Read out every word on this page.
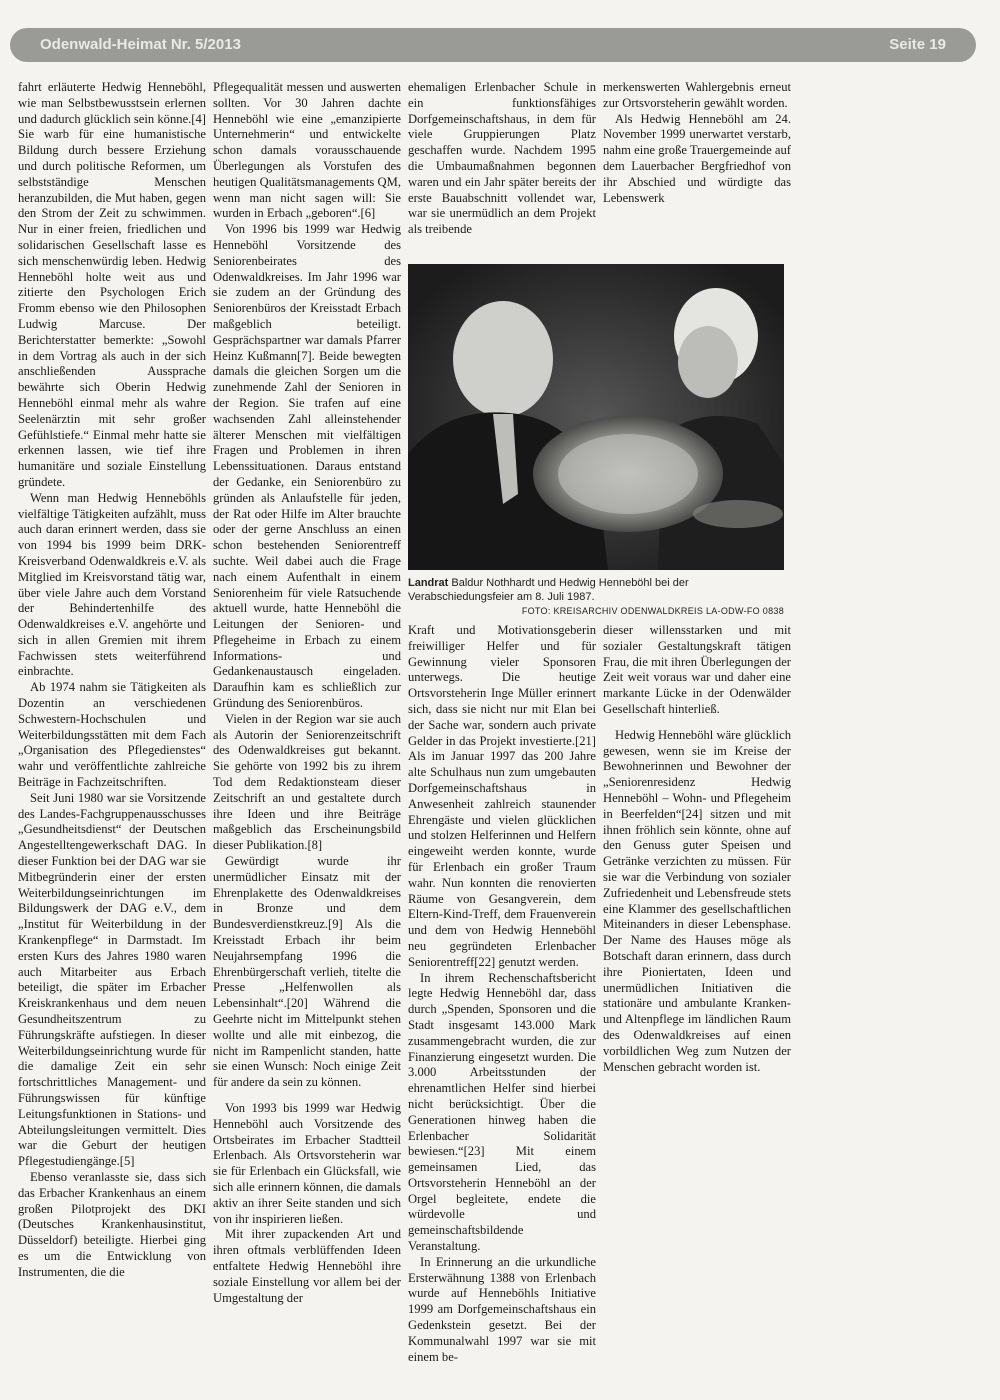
Odenwald-Heimat Nr. 5/2013	Seite 19

fahrt erläuterte Hedwig Henneböhl, wie man Selbstbewusstsein erlernen und dadurch glücklich sein könne.[4] Sie warb für eine humanistische Bildung durch bessere Erziehung und durch politische Reformen, um selbstständige Menschen heranzubilden, die Mut haben, gegen den Strom der Zeit zu schwimmen. Nur in einer freien, friedlichen und solidarischen Gesellschaft lasse es sich menschenwürdig leben. Hedwig Henneböhl holte weit aus und zitierte den Psychologen Erich Fromm ebenso wie den Philosophen Ludwig Marcuse. Der Berichterstatter bemerkte: „Sowohl in dem Vortrag als auch in der sich anschließenden Aussprache bewährte sich Oberin Hedwig Henneböhl einmal mehr als wahre Seelenärztin mit sehr großer Gefühlstiefe.“ Einmal mehr hatte sie erkennen lassen, wie tief ihre humanitäre und soziale Einstellung gründete.

Wenn man Hedwig Henneböhls vielfältige Tätigkeiten aufzählt, muss auch daran erinnert werden, dass sie von 1994 bis 1999 beim DRK-Kreisverband Odenwaldkreis e.V. als Mitglied im Kreisvorstand tätig war, über viele Jahre auch dem Vorstand der Behindertenhilfe des Odenwaldkreises e.V. angehörte und sich in allen Gremien mit ihrem Fachwissen stets weiterführend einbrachte.

Ab 1974 nahm sie Tätigkeiten als Dozentin an verschiedenen Schwestern-Hochschulen und Weiterbildungsstätten mit dem Fach „Organisation des Pflegedienstes“ wahr und veröffentlichte zahlreiche Beiträge in Fachzeitschriften.

Seit Juni 1980 war sie Vorsitzende des Landes-Fachgruppenausschusses „Gesundheitsdienst“ der Deutschen Angestelltengewerkschaft DAG. In dieser Funktion bei der DAG war sie Mitbegründerin einer der ersten Weiterbildungseinrichtungen im Bildungswerk der DAG e.V., dem „Institut für Weiterbildung in der Krankenpflege“ in Darmstadt. Im ersten Kurs des Jahres 1980 waren auch Mitarbeiter aus Erbach beteiligt, die später im Erbacher Kreiskrankenhaus und dem neuen Gesundheitszentrum zu Führungskräfte aufstiegen. In dieser Weiterbildungseinrichtung wurde für die damalige Zeit ein sehr fortschrittliches Management- und Führungswissen für künftige Leitungsfunktionen in Stations- und Abteilungsleitungen vermittelt. Dies war die Geburt der heutigen Pflegestudiengänge.[5]

Ebenso veranlasste sie, dass sich das Erbacher Krankenhaus an einem großen Pilotprojekt des DKI (Deutsches Krankenhausinstitut, Düsseldorf) beteiligte. Hierbei ging es um die Entwicklung von Instrumenten, die die

Pflegequalität messen und auswerten sollten. Vor 30 Jahren dachte Henneböhl wie eine „emanzipierte Unternehmerin“ und entwickelte schon damals vorausschauende Überlegungen als Vorstufen des heutigen Qualitätsmanagements QM, wenn man nicht sagen will: Sie wurden in Erbach „geboren“.[6]

Von 1996 bis 1999 war Hedwig Henneböhl Vorsitzende des Seniorenbeirates des Odenwaldkreises. Im Jahr 1996 war sie zudem an der Gründung des Seniorenbüros der Kreisstadt Erbach maßgeblich beteiligt. Gesprächspartner war damals Pfarrer Heinz Kußmann[7]. Beide bewegten damals die gleichen Sorgen um die zunehmende Zahl der Senioren in der Region. Sie trafen auf eine wachsenden Zahl alleinstehender älterer Menschen mit vielfältigen Fragen und Problemen in ihren Lebenssituationen. Daraus entstand der Gedanke, ein Seniorenbüro zu gründen als Anlaufstelle für jeden, der Rat oder Hilfe im Alter brauchte oder der gerne Anschluss an einen schon bestehenden Seniorentreff suchte. Weil dabei auch die Frage nach einem Aufenthalt in einem Seniorenheim für viele Ratsuchende aktuell wurde, hatte Henneböhl die Leitungen der Senioren- und Pflegeheime in Erbach zu einem Informations- und Gedankenaustausch eingeladen. Daraufhin kam es schließlich zur Gründung des Seniorenbüros.

Vielen in der Region war sie auch als Autorin der Seniorenzeitschrift des Odenwaldkreises gut bekannt. Sie gehörte von 1992 bis zu ihrem Tod dem Redaktionsteam dieser Zeitschrift an und gestaltete durch ihre Ideen und ihre Beiträge maßgeblich das Erscheinungsbild dieser Publikation.[8]

Gewürdigt wurde ihr unermüdlicher Einsatz mit der Ehrenplakette des Odenwaldkreises in Bronze und dem Bundesverdienstkreuz.[9] Als die Kreisstadt Erbach ihr beim Neujahrsempfang 1996 die Ehrenbürgerschaft verlieh, titelte die Presse „Helfenwollen als Lebensinhalt“.[20] Während die Geehrte nicht im Mittelpunkt stehen wollte und alle mit einbezog, die nicht im Rampenlicht standen, hatte sie einen Wunsch: Noch einige Zeit für andere da sein zu können.

Von 1993 bis 1999 war Hedwig Henneböhl auch Vorsitzende des Ortsbeirates im Erbacher Stadtteil Erlenbach. Als Ortsvorsteherin war sie für Erlenbach ein Glücksfall, wie sich alle erinnern können, die damals aktiv an ihrer Seite standen und sich von ihr inspirieren ließen.

Mit ihrer zupackenden Art und ihren oftmals verblüffenden Ideen entfaltete Hedwig Henneböhl ihre soziale Einstellung vor allem bei der Umgestaltung der

ehemaligen Erlenbacher Schule in ein funktionsfähiges Dorfgemeinschaftshaus, in dem für viele Gruppierungen Platz geschaffen wurde. Nachdem 1995 die Umbaumaßnahmen begonnen waren und ein Jahr später bereits der erste Bauabschnitt vollendet war, war sie unermüdlich an dem Projekt als treibende

merkenswerten Wahlergebnis erneut zur Ortsvorsteherin gewählt worden.

Als Hedwig Henneböhl am 24. November 1999 unerwartet verstarb, nahm eine große Trauergemeinde auf dem Lauerbacher Bergfriedhof von ihr Abschied und würdigte das Lebenswerk

Landrat Baldur Nothhardt und Hedwig Henneböhl bei der Verabschiedungsfeier am 8. Juli 1987.
FOTO: KREISARCHIV ODENWALDKREIS LA-ODW-FO 0838

Kraft und Motivationsgeberin freiwilliger Helfer und für Gewinnung vieler Sponsoren unterwegs. Die heutige Ortsvorsteherin Inge Müller erinnert sich, dass sie nicht nur mit Elan bei der Sache war, sondern auch private Gelder in das Projekt investierte.[21] Als im Januar 1997 das 200 Jahre alte Schulhaus nun zum umgebauten Dorfgemeinschaftshaus in Anwesenheit zahlreich staunender Ehrengäste und vielen glücklichen und stolzen Helferinnen und Helfern eingeweiht werden konnte, wurde für Erlenbach ein großer Traum wahr. Nun konnten die renovierten Räume von Gesangverein, dem Eltern-Kind-Treff, dem Frauenverein und dem von Hedwig Henneböhl neu gegründeten Erlenbacher Seniorentreff[22] genutzt werden.

In ihrem Rechenschaftsbericht legte Hedwig Henneböhl dar, dass durch „Spenden, Sponsoren und die Stadt insgesamt 143.000 Mark zusammengebracht wurden, die zur Finanzierung eingesetzt wurden. Die 3.000 Arbeitsstunden der ehrenamtlichen Helfer sind hierbei nicht berücksichtigt. Über die Generationen hinweg haben die Erlenbacher Solidarität bewiesen.“[23] Mit einem gemeinsamen Lied, das Ortsvorsteherin Henneböhl an der Orgel begleitete, endete die würdevolle und gemeinschaftsbildende Veranstaltung.

In Erinnerung an die urkundliche Ersterwähnung 1388 von Erlenbach wurde auf Henneböhls Initiative 1999 am Dorfgemeinschaftshaus ein Gedenkstein gesetzt. Bei der Kommunalwahl 1997 war sie mit einem be-

dieser willensstarken und mit sozialer Gestaltungskraft tätigen Frau, die mit ihren Überlegungen der Zeit weit voraus war und daher eine markante Lücke in der Odenwälder Gesellschaft hinterließ.

Hedwig Henneböhl wäre glücklich gewesen, wenn sie im Kreise der Bewohnerinnen und Bewohner der „Seniorenresidenz Hedwig Henneböhl – Wohn- und Pflegeheim in Beerfelden“[24] sitzen und mit ihnen fröhlich sein könnte, ohne auf den Genuss guter Speisen und Getränke verzichten zu müssen. Für sie war die Verbindung von sozialer Zufriedenheit und Lebensfreude stets eine Klammer des gesellschaftlichen Miteinanders in dieser Lebensphase. Der Name des Hauses möge als Botschaft daran erinnern, dass durch ihre Pioniertaten, Ideen und unermüdlichen Initiativen die stationäre und ambulante Kranken- und Altenpflege im ländlichen Raum des Odenwaldkreises auf einen vorbildlichen Weg zum Nutzen der Menschen gebracht worden ist.
